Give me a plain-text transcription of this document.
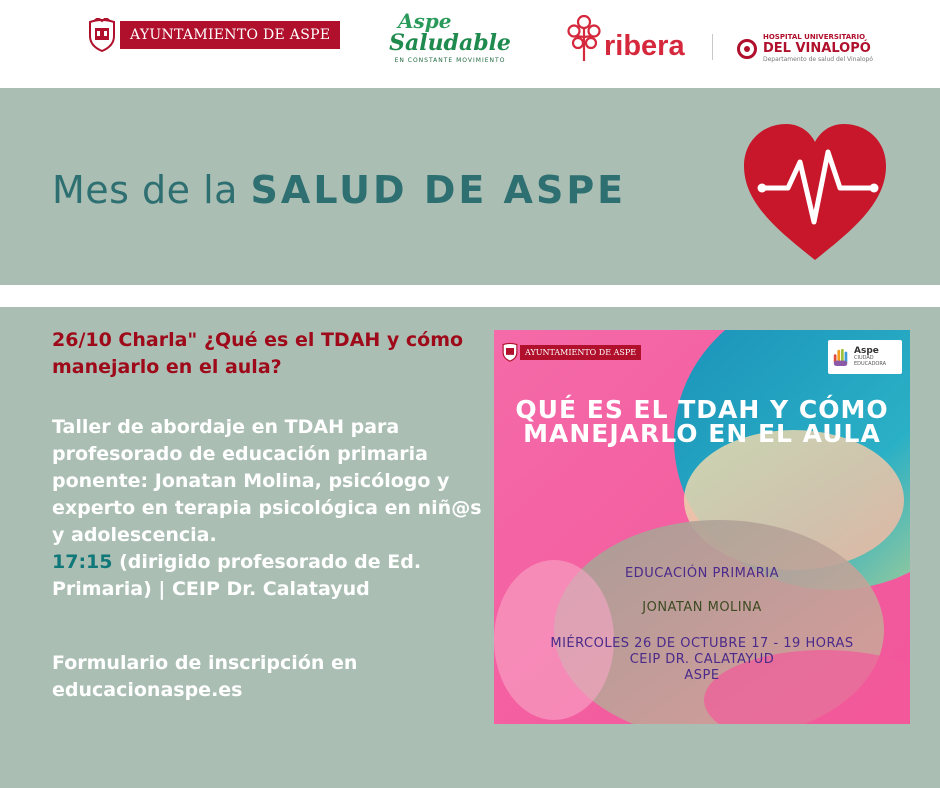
AYUNTAMIENTO DE ASPE
Aspe
Saludable
EN CONSTANTE MOVIMIENTO	ribera	HOSPITAL UNIVERSITARIO
DEL VINALOPÓ
Departamento de salud del Vinalopó
Mes de la SALUD DE ASPE
26/10 Charla" ¿Qué es el TDAH y cómo manejarlo en el aula?
Taller de abordaje en TDAH para profesorado de educación primaria ponente: Jonatan Molina, psicólogo y experto en terapia psicológica en niñ@s y adolescencia.
17:15 (dirigido profesorado de Ed. Primaria) | CEIP Dr. Calatayud
Formulario de inscripción en educacionaspe.es
AYUNTAMIENTO DE ASPE	Aspe
CIUDAD EDUCADORA
QUÉ ES EL TDAH Y CÓMO
MANEJARLO EN EL AULA
EDUCACIÓN PRIMARIA
JONATAN MOLINA
MIÉRCOLES 26 DE OCTUBRE 17 - 19 HORAS
CEIP DR. CALATAYUD
ASPE
